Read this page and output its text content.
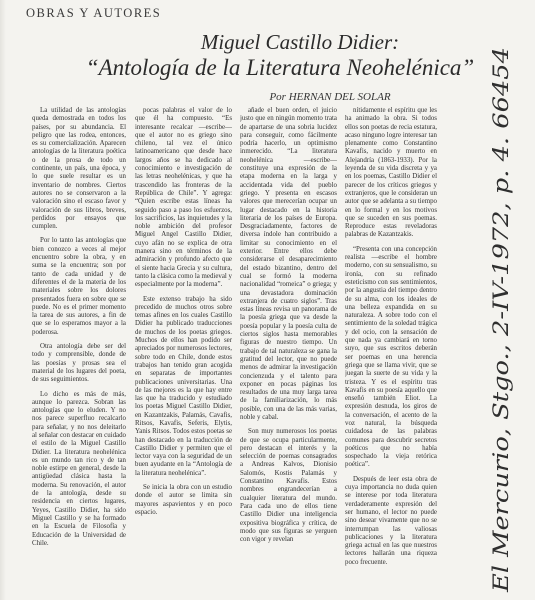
OBRAS Y AUTORES
Miguel Castillo Didier:
“Antología de la Literatura Neohelénica”
Por HERNAN DEL SOLAR

La utilidad de las antologías queda demostrada en todos los países, por su abundancia. El peligro que las rodea, entonces, es su comercialización. Aparecen antologías de la literatura poética o de la prosa de todo un continente, un país, una época, y lo que suele resultar es un inventario de nombres. Ciertos autores no se conservaron a la valoración sino el escaso favor y valoración de sus libros, breves, perdidos por ensayos que cumplen.

Por lo tanto las antologías que bien conozco a veces al mejor encuentro sobre la obra, y en suma se la encuentra; son por tanto de cada unidad y de diferentes el de la materia de los materiales sobre los dolores presentados fuera en sobre que se puede. No es el primer momento la tarea de sus autores, a fin de que se lo esperamos mayor a la poderosa.

Otra antología debe ser del todo y comprensible, donde de las poesías y prosas sea el material de los lugares del poeta, de sus seguimientos.

Lo dicho es más de más, aunque lo parezca. Sobran las antologías que lo eluden. Y no nos parece superfluo recalcarlo para señalar, y no nos deleitarlo al señalar con destacar en cuidado el estilo de la Miguel Castillo Didier. La literatura neohelénica es un mundo tan rico y de tan noble estirpe en general, desde la antigüedad clásica hasta la moderna. Su renovación, el autor de la antología, desde su residencia en ciertos lugares, Yeyes, Castillo Didier, ha sido Miguel Castillo y se ha formado en la Escuela de Filosofía y Educación de la Universidad de Chile.

pocas palabras el valor de lo que él ha compuesto. “Es interesante recalcar —escribe— que el autor no es griego sino chileno, tal vez el único latinoamericano que desde hace largos años se ha dedicado al conocimiento e investigación de las letras neohelénicas, y que ha trascendido las fronteras de la República de Chile”. Y agrega: “Quien escribe estas líneas ha seguido paso a paso los esfuerzos, los sacrificios, las inquietudes y la noble ambición del profesor Miguel Angel Castillo Didier, cuyo afán no se explica de otra manera sino en términos de la admiración y profundo afecto que el siente hacia Grecia y su cultura, tanto la clásica como la medieval y especialmente por la moderna”.

Este extenso trabajo ha sido precedido de muchos otros sobre temas afines en los cuales Castillo Didier ha publicado traducciones de muchos de los poetas griegos. Muchos de ellos han podido ser apreciados por numerosos lectores, sobre todo en Chile, donde estos trabajos han tenido gran acogida en separatas de importantes publicaciones universitarias. Una de las mejores es la que hay entre las que ha traducido y estudiado los poetas Miguel Castillo Didier, en Kazantzakis, Palamás, Cavafis, Ritsos, Kavafis, Seferis, Elytis, Yanis Ritsos. Todos estos poetas se han destacado en la traducción de Castillo Didier y permiten que el lector vaya con la seguridad de un buen ayudante en la “Antología de la literatura neohelénica”.

Se inicia la obra con un estudio donde el autor se limita sin mayores aspavientos y en poco espacio.

añade el buen orden, el juicio justo que en ningún momento trata de apartarse de una sobria lucidez para conseguir, como fácilmente podría hacerlo, un optimismo inmerecido. “La literatura neohelénica —escribe— constituye una expresión de la etapa moderna en la larga y accidentada vida del pueblo griego. Y presenta en escasos valores que merecerían ocupar un lugar destacado en la historia literaria de los países de Europa. Desgraciadamente, factores de diversa índole han contribuido a limitar su conocimiento en el exterior. Entre ellos debe considerarse el desaparecimiento del estado bizantino, dentro del cual se formó la moderna nacionalidad “romeica” o griega; y una devastadora dominación extranjera de cuatro siglos”. Tras estas líneas revisa un panorama de la poesía griega que va desde la poesía popular y la poesía culta de ciertos siglos hasta memorables figuras de nuestro tiempo. Un trabajo de tal naturaleza se gana la gratitud del lector, que no puede menos de admirar la investigación concienzuda y el talento para exponer en pocas páginas los resultados de una muy larga tarea de la familiarización, lo más posible, con una de las más varias, noble y cabal.

Son muy numerosos los poetas de que se ocupa particularmente, pero destacan el interés y la selección de poemas consagrados a Andreas Kalvos, Dionisio Salomós, Kostis Palamás y Constantino Kavafis. Estos nombres engrandecerían a cualquier literatura del mundo. Para cada uno de ellos tiene Castillo Didier una inteligencia expositiva biográfica y crítica, de modo que sus figuras se yerguen con vigor y revelan

nítidamente el espíritu que les ha animado la obra. Si todos ellos son poetas de recia estatura, acaso ninguno logre interesar tan plenamente como Constantino Kavafis, nacido y muerto en Alejandría (1863-1933). Por la leyenda de su vida discreta y ya en los poemas, Castillo Didier el parecer de los críticos griegos y extranjeros, que le consideran un autor que se adelanta a su tiempo en lo formal y en los motivos que se suceden en sus poemas. Reproduce estas reveladoras palabras de Kazantzakis.

“Presenta con una concepción realista —escribe el hombre moderno, con su sensualismo, su ironía, con su refinado esteticismo con sus sentimientos, por la angustia del tiempo dentro de su alma, con los ideales de una belleza expandida en su naturaleza. A sobre todo con el sentimiento de la soledad trágica y del ocio, con la sensación de que nada ya cambiará en torno suyo, que sus escritos deberán ser poemas en una herencia griega que se llama vivir, que se juegan la suerte de su vida y la tristeza. Y es el espíritu tras Kavafis en su poesía aquello que enseñó también Eliot. La expresión desnuda, los giros de la conversación, el acento de la voz natural, la búsqueda cuidadosa de las palabras comunes para descubrir secretos poéticos que no había sospechado la vieja retórica poética”.

Después de leer esta obra de cuya importancia no duda quien se interese por toda literatura verdaderamente expresión del ser humano, el lector no puede sino desear vivamente que no se interrumpan las valiosas publicaciones y la literatura griega actual en las que nuestros lectores hallarán una riqueza poco frecuente.	El Mercurio, Stgo., 2-IV-1972, p. 4. 66454
